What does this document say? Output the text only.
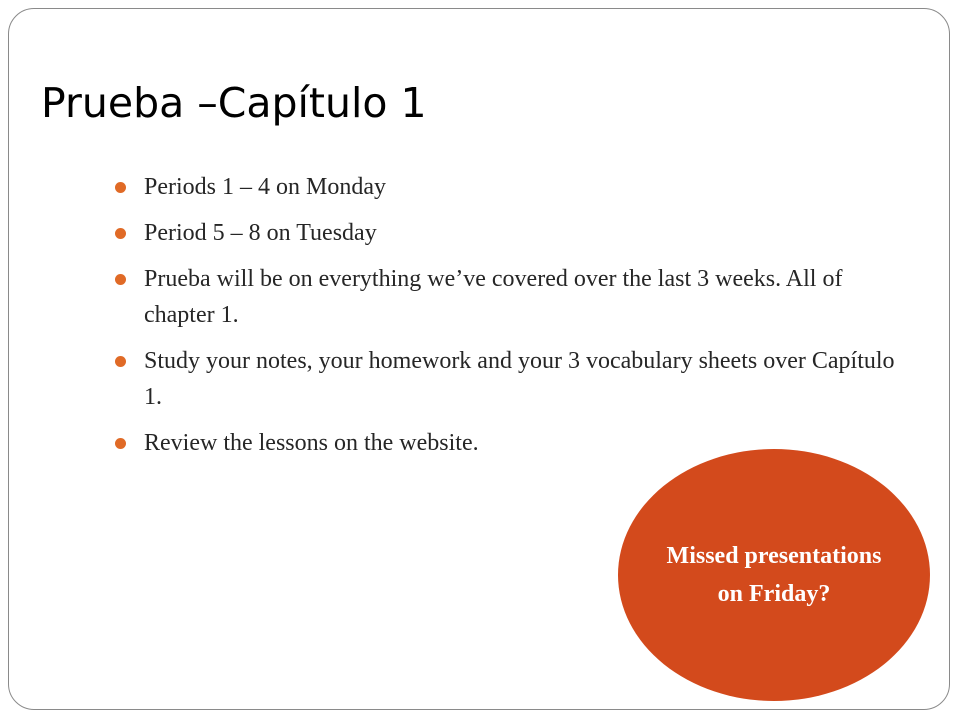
Prueba –Capítulo 1
Periods 1 – 4 on Monday
Period 5 – 8 on Tuesday
Prueba will be on everything we’ve covered over the last 3 weeks. All of chapter 1.
Study your notes, your homework and your 3 vocabulary sheets over Capítulo 1.
Review the lessons on the website.
Missed presentations on Friday?
